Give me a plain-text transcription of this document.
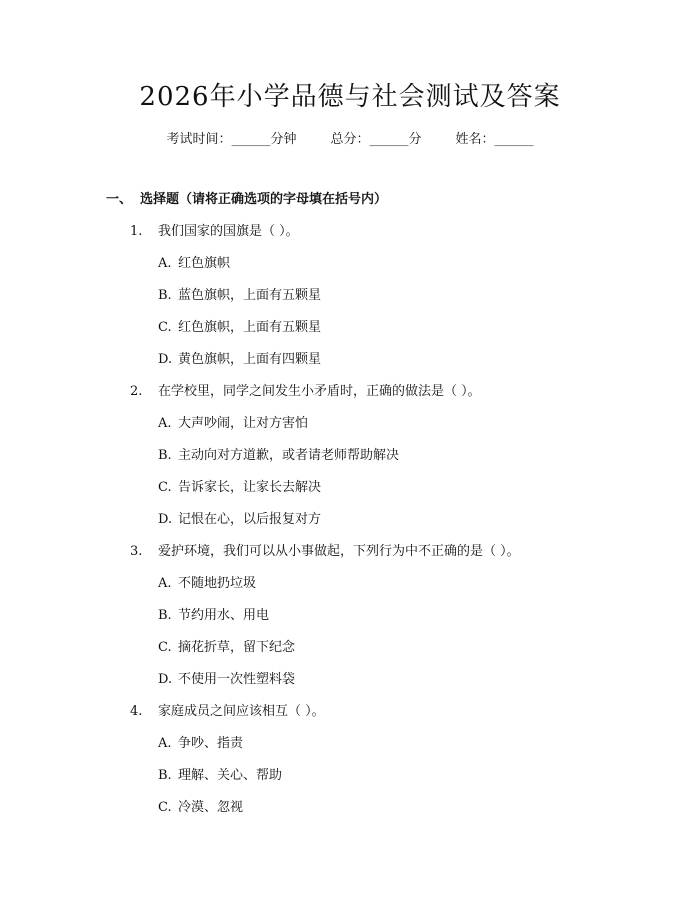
2026年小学品德与社会测试及答案
考试时间：______分钟	总分：______分	姓名：______
一、 选择题（请将正确选项的字母填在括号内）
1. 我们国家的国旗是（ ）。
A. 红色旗帜
B. 蓝色旗帜，上面有五颗星
C. 红色旗帜，上面有五颗星
D. 黄色旗帜，上面有四颗星
2. 在学校里，同学之间发生小矛盾时，正确的做法是（ ）。
A. 大声吵闹，让对方害怕
B. 主动向对方道歉，或者请老师帮助解决
C. 告诉家长，让家长去解决
D. 记恨在心，以后报复对方
3. 爱护环境，我们可以从小事做起，下列行为中不正确的是（ ）。
A. 不随地扔垃圾
B. 节约用水、用电
C. 摘花折草，留下纪念
D. 不使用一次性塑料袋
4. 家庭成员之间应该相互（ ）。
A. 争吵、指责
B. 理解、关心、帮助
C. 冷漠、忽视
